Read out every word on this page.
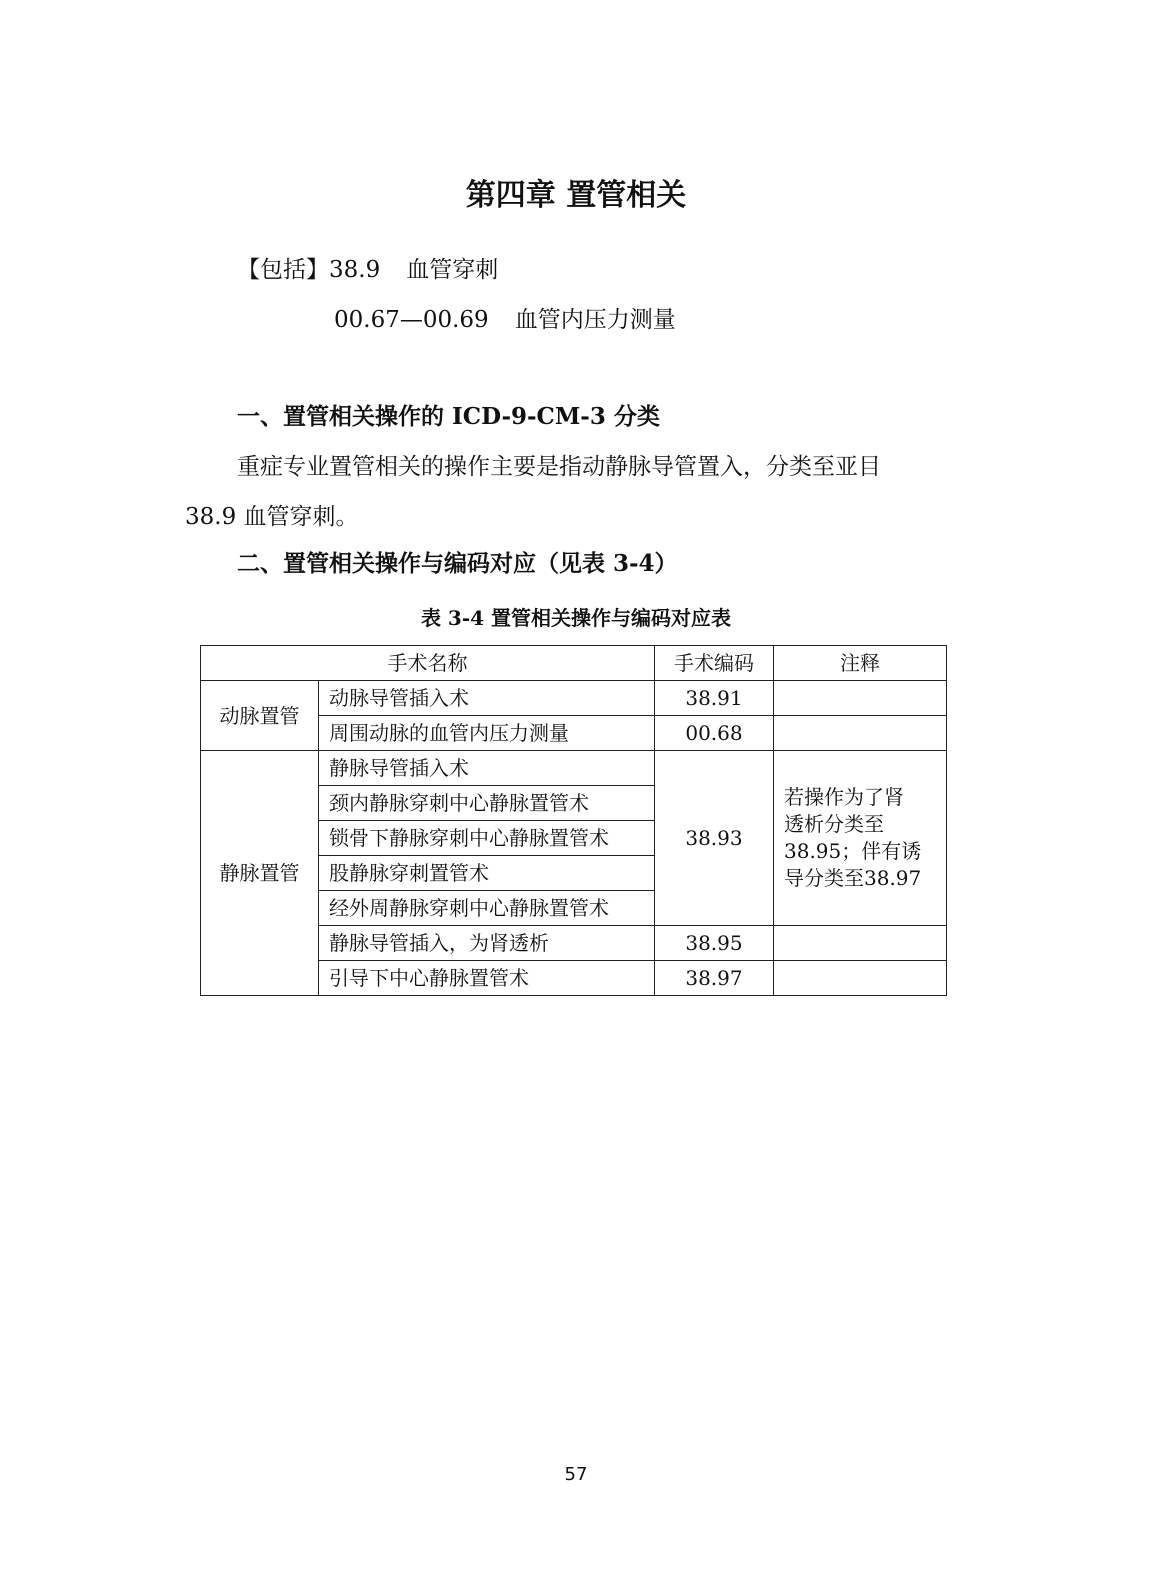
第四章 置管相关
【包括】38.9 血管穿刺
00.67—00.69 血管内压力测量
一、置管相关操作的 ICD-9-CM-3 分类
重症专业置管相关的操作主要是指动静脉导管置入，分类至亚目
38.9 血管穿刺。
二、置管相关操作与编码对应（见表 3-4）
表 3-4 置管相关操作与编码对应表
手术名称		手术编码	注释
动脉置管	动脉导管插入术	38.91	
	周围动脉的血管内压力测量	00.68	
静脉置管	静脉导管插入术	38.93	若操作为了肾
透析分类至
38.95；伴有诱
导分类至38.97

	颈内静脉穿刺中心静脉置管术		
	锁骨下静脉穿刺中心静脉置管术		
	股静脉穿刺置管术		
	经外周静脉穿刺中心静脉置管术		
	静脉导管插入，为肾透析	38.95	
	引导下中心静脉置管术	38.97	
57
